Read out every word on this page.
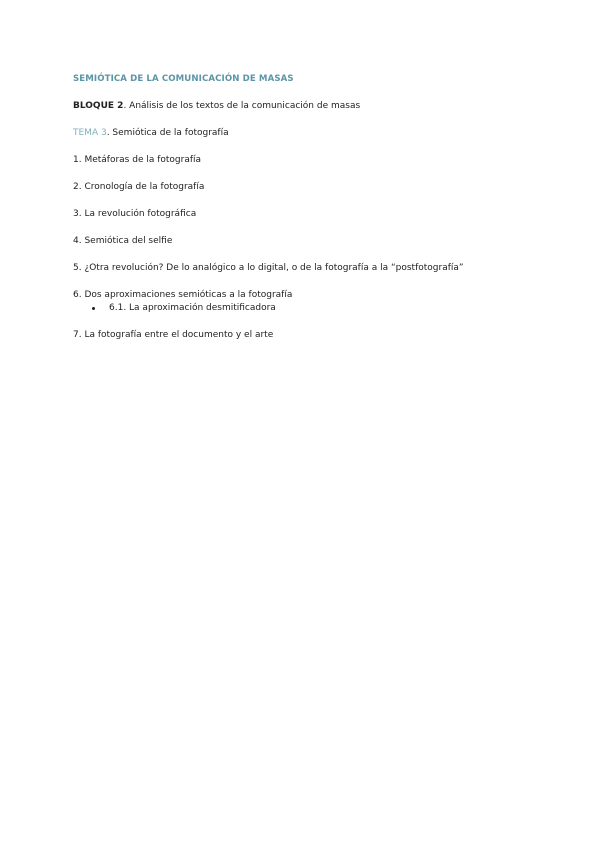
SEMIÓTICA DE LA COMUNICACIÓN DE MASAS

BLOQUE 2. Análisis de los textos de la comunicación de masas

TEMA 3. Semiótica de la fotografía

1. Metáforas de la fotografía

2. Cronología de la fotografía

3. La revolución fotográfica

4. Semiótica del selfie

5. ¿Otra revolución? De lo analógico a lo digital, o de la fotografía a la “postfotografía”

6. Dos aproximaciones semióticas a la fotografía

6.1. La aproximación desmitificadora

7. La fotografía entre el documento y el arte
